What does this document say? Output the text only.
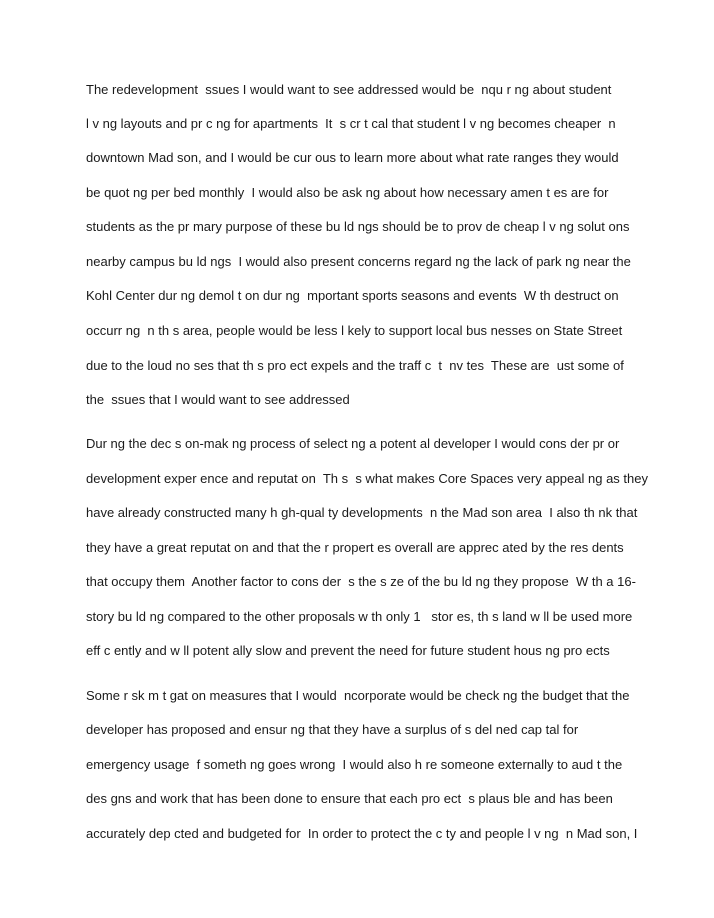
The redevelopment  ssues I would want to see addressed would be  nqu r ng about student

l v ng layouts and pr c ng for apartments  It  s cr t cal that student l v ng becomes cheaper  n

downtown Mad son, and I would be cur ous to learn more about what rate ranges they would

be quot ng per bed monthly  I would also be ask ng about how necessary amen t es are for

students as the pr mary purpose of these bu ld ngs should be to prov de cheap l v ng solut ons

nearby campus bu ld ngs  I would also present concerns regard ng the lack of park ng near the

Kohl Center dur ng demol t on dur ng  mportant sports seasons and events  W th destruct on

occurr ng  n th s area, people would be less l kely to support local bus nesses on State Street

due to the loud no ses that th s pro ect expels and the traff c  t  nv tes  These are  ust some of

the  ssues that I would want to see addressed

Dur ng the dec s on-mak ng process of select ng a potent al developer I would cons der pr or

development exper ence and reputat on  Th s  s what makes Core Spaces very appeal ng as they

have already constructed many h gh-qual ty developments  n the Mad son area  I also th nk that

they have a great reputat on and that the r propert es overall are apprec ated by the res dents

that occupy them  Another factor to cons der  s the s ze of the bu ld ng they propose  W th a 16-

story bu ld ng compared to the other proposals w th only 1   stor es, th s land w ll be used more

eff c ently and w ll potent ally slow and prevent the need for future student hous ng pro ects

Some r sk m t gat on measures that I would  ncorporate would be check ng the budget that the

developer has proposed and ensur ng that they have a surplus of s del ned cap tal for

emergency usage  f someth ng goes wrong  I would also h re someone externally to aud t the

des gns and work that has been done to ensure that each pro ect  s plaus ble and has been

accurately dep cted and budgeted for  In order to protect the c ty and people l v ng  n Mad son, I
